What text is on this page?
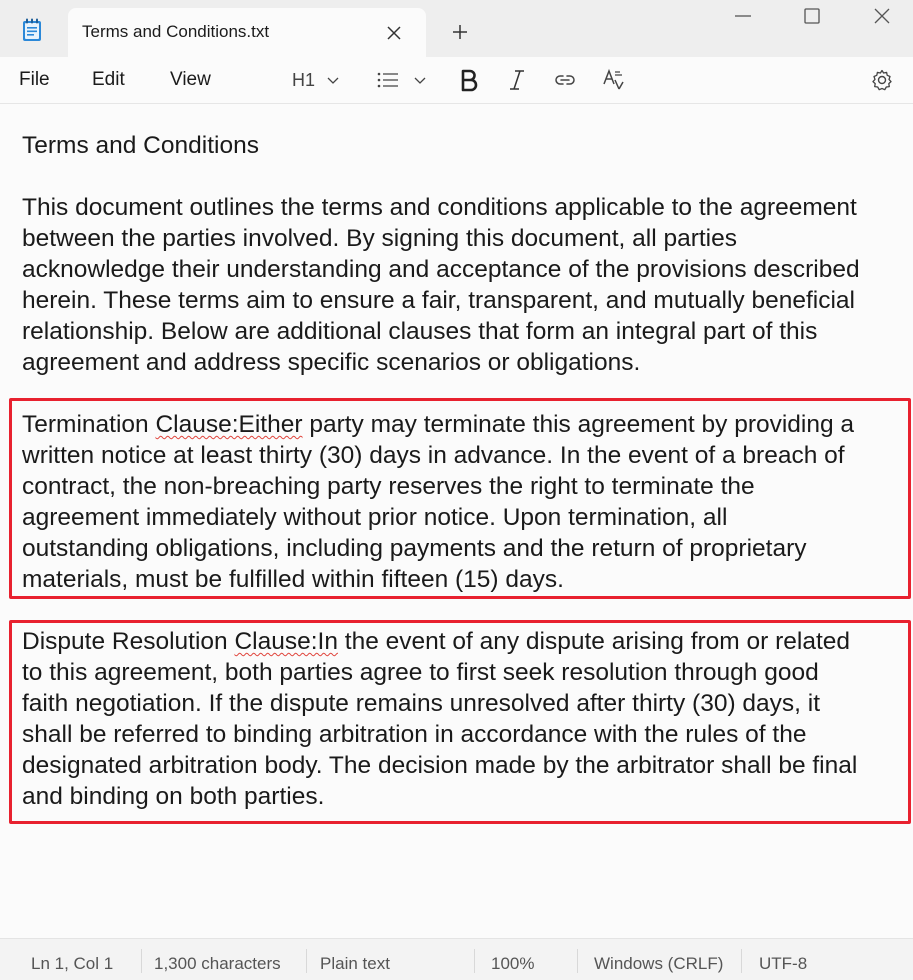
Terms and Conditions.txt
File Edit View	H1
Terms and Conditions
This document outlines the terms and conditions applicable to the agreement
between the parties involved. By signing this document, all parties
acknowledge their understanding and acceptance of the provisions described
herein. These terms aim to ensure a fair, transparent, and mutually beneficial
relationship. Below are additional clauses that form an integral part of this
agreement and address specific scenarios or obligations.
Termination Clause:Either party may terminate this agreement by providing a
written notice at least thirty (30) days in advance. In the event of a breach of
contract, the non-breaching party reserves the right to terminate the
agreement immediately without prior notice. Upon termination, all
outstanding obligations, including payments and the return of proprietary
materials, must be fulfilled within fifteen (15) days.
Dispute Resolution Clause:In the event of any dispute arising from or related
to this agreement, both parties agree to first seek resolution through good
faith negotiation. If the dispute remains unresolved after thirty (30) days, it
shall be referred to binding arbitration in accordance with the rules of the
designated arbitration body. The decision made by the arbitrator shall be final
and binding on both parties.
Ln 1, Col 1 1,300 characters Plain text	100%	Windows (CRLF) UTF-8
